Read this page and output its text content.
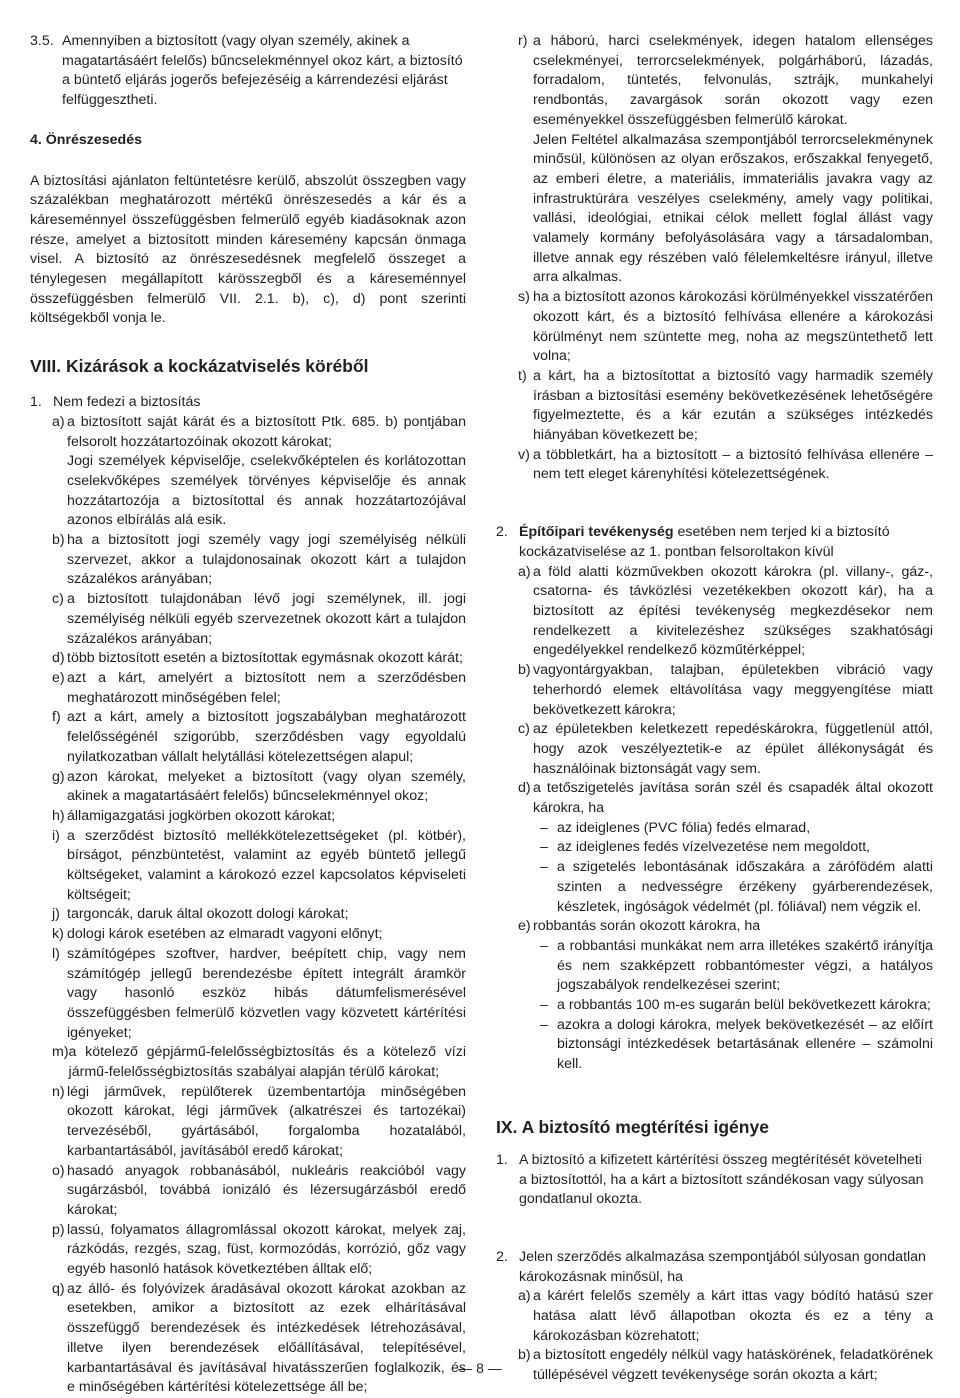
3.5. Amennyiben a biztosított (vagy olyan személy, akinek a magatartásáért felelős) bűncselekménnyel okoz kárt, a biztosító a büntető eljárás jogerős befejezéséig a kárrendezési eljárást felfüggesztheti.
4. Önrészesedés

A biztosítási ajánlaton feltüntetésre kerülő, abszolút összegben vagy százalékban meghatározott mértékű önrészesedés a kár és a káreseménnyel összefüggésben felmerülő egyéb kiadásoknak azon része, amelyet a biztosított minden káresemény kapcsán önmaga visel. A biztosító az önrészesedésnek megfelelő összeget a ténylegesen megállapított kárösszegből és a káreseménnyel összefüggésben felmerülő VII. 2.1. b), c), d) pont szerinti költségekből vonja le.

VIII. Kizárások a kockázatviselés köréből
1. Nem fedezi a biztosítás
a) a biztosított saját kárát és a biztosított Ptk. 685. b) pontjában felsorolt hozzátartozóinak okozott károkat;
Jogi személyek képviselője, cselekvőképtelen és korlátozottan cselekvőképes személyek törvényes képviselője és annak hozzátartozója a biztosítottal és annak hozzátartozójával azonos elbírálás alá esik.
b) ha a biztosított jogi személy vagy jogi személyiség nélküli szervezet, akkor a tulajdonosainak okozott kárt a tulajdon százalékos arányában;
c) a biztosított tulajdonában lévő jogi személynek, ill. jogi személyiség nélküli egyéb szervezetnek okozott kárt a tulajdon százalékos arányában;
d) több biztosított esetén a biztosítottak egymásnak okozott kárát;
e) azt a kárt, amelyért a biztosított nem a szerződésben meghatározott minőségében felel;
f) azt a kárt, amely a biztosított jogszabályban meghatározott felelősségénél szigorúbb, szerződésben vagy egyoldalú nyilatkozatban vállalt helytállási kötelezettségen alapul;
g) azon károkat, melyeket a biztosított (vagy olyan személy, akinek a magatartásáért felelős) bűncselekménnyel okoz;
h) államigazgatási jogkörben okozott károkat;
i) a szerződést biztosító mellékkötelezettségeket (pl. kötbér), bírságot, pénzbüntetést, valamint az egyéb büntető jellegű költségeket, valamint a károkozó ezzel kapcsolatos képviseleti költségeit;
j) targoncák, daruk által okozott dologi károkat;
k) dologi károk esetében az elmaradt vagyoni előnyt;
l) számítógépes szoftver, hardver, beépített chip, vagy nem számítógép jellegű berendezésbe épített integrált áramkör vagy hasonló eszköz hibás dátumfelismerésével összefüggésben felmerülő közvetlen vagy közvetett kártérítési igényeket;
m) a kötelező gépjármű-felelősségbiztosítás és a kötelező vízi jármű-felelősségbiztosítás szabályai alapján térülő károkat;
n) légi járművek, repülőterek üzembentartója minőségében okozott károkat, légi járművek (alkatrészei és tartozékai) tervezéséből, gyártásából, forgalomba hozatalából, karbantartásából, javításából eredő károkat;
o) hasadó anyagok robbanásából, nukleáris reakcióból vagy sugárzásból, továbbá ionizáló és lézersugárzásból eredő károkat;
p) lassú, folyamatos állagromlással okozott károkat, melyek zaj, rázkódás, rezgés, szag, füst, kormozódás, korrózió, gőz vagy egyéb hasonló hatások következtében álltak elő;
q) az álló- és folyóvizek áradásával okozott károkat azokban az esetekben, amikor a biztosított az ezek elhárításával összefüggő berendezések és intézkedések létrehozásával, illetve ilyen berendezések előállításával, telepítésével, karbantartásával és javításával hivatásszerűen foglalkozik, és e minőségében kártérítési kötelezettsége áll be;
r) a háború, harci cselekmények, idegen hatalom ellenséges cselekményei, terrorcselekmények, polgárháború, lázadás, forradalom, tüntetés, felvonulás, sztrájk, munkahelyi rendbontás, zavargások során okozott vagy ezen eseményekkel összefüggésben felmerülő károkat.
Jelen Feltétel alkalmazása szempontjából terrorcselekménynek minősül, különösen az olyan erőszakos, erőszakkal fenyegető, az emberi életre, a materiális, immateriális javakra vagy az infrastruktúrára veszélyes cselekmény, amely vagy politikai, vallási, ideológiai, etnikai célok mellett foglal állást vagy valamely kormány befolyásolására vagy a társadalomban, illetve annak egy részében való félelemkeltésre irányul, illetve arra alkalmas.
s) ha a biztosított azonos károkozási körülményekkel visszatérően okozott kárt, és a biztosító felhívása ellenére a károkozási körülményt nem szüntette meg, noha az megszüntethető lett volna;
t) a kárt, ha a biztosítottat a biztosító vagy harmadik személy írásban a biztosítási esemény bekövetkezésének lehetőségére figyelmeztette, és a kár ezután a szükséges intézkedés hiányában következett be;
v) a többletkárt, ha a biztosított – a biztosító felhívása ellenére – nem tett eleget kárenyhítési kötelezettségének.
2. Építőipari tevékenység esetében nem terjed ki a biztosító kockázatviselése az 1. pontban felsoroltakon kívül
a) a föld alatti közművekben okozott károkra (pl. villany-, gáz-, csatorna- és távközlési vezetékekben okozott kár), ha a biztosított az építési tevékenység megkezdésekor nem rendelkezett a kivitelezéshez szükséges szakhatósági engedélyekkel rendelkező közműtérképpel;
b) vagyontárgyakban, talajban, épületekben vibráció vagy teherhordó elemek eltávolítása vagy meggyengítése miatt bekövetkezett károkra;
c) az épületekben keletkezett repedéskárokra, függetlenül attól, hogy azok veszélyeztetik-e az épület állékonyságát és használóinak biztonságát vagy sem.
d) a tetőszigetelés javítása során szél és csapadék által okozott károkra, ha
– az ideiglenes (PVC fólia) fedés elmarad,
– az ideiglenes fedés vízelvezetése nem megoldott,
– a szigetelés lebontásának időszakára a zárófödém alatti szinten a nedvességre érzékeny gyárberendezések, készletek, ingóságok védelmét (pl. fóliával) nem végzik el.
e) robbantás során okozott károkra, ha
– a robbantási munkákat nem arra illetékes szakértő irányítja és nem szakképzett robbantómester végzi, a hatályos jogszabályok rendelkezései szerint;
– a robbantás 100 m-es sugarán belül bekövetkezett károkra;
– azokra a dologi károkra, melyek bekövetkezését – az előírt biztonsági intézkedések betartásának ellenére – számolni kell.
IX. A biztosító megtérítési igénye
1. A biztosító a kifizetett kártérítési összeg megtérítését követelheti a biztosítottól, ha a kárt a biztosított szándékosan vagy súlyosan gondatlanul okozta.
2. Jelen szerződés alkalmazása szempontjából súlyosan gondatlan károkozásnak minősül, ha
a) a kárért felelős személy a kárt ittas vagy bódító hatású szer hatása alatt lévő állapotban okozta és ez a tény a károkozásban közrehatott;
b) a biztosított engedély nélkül vagy hatáskörének, feladatkörének túllépésével végzett tevékenysége során okozta a kárt;
— 8 —
